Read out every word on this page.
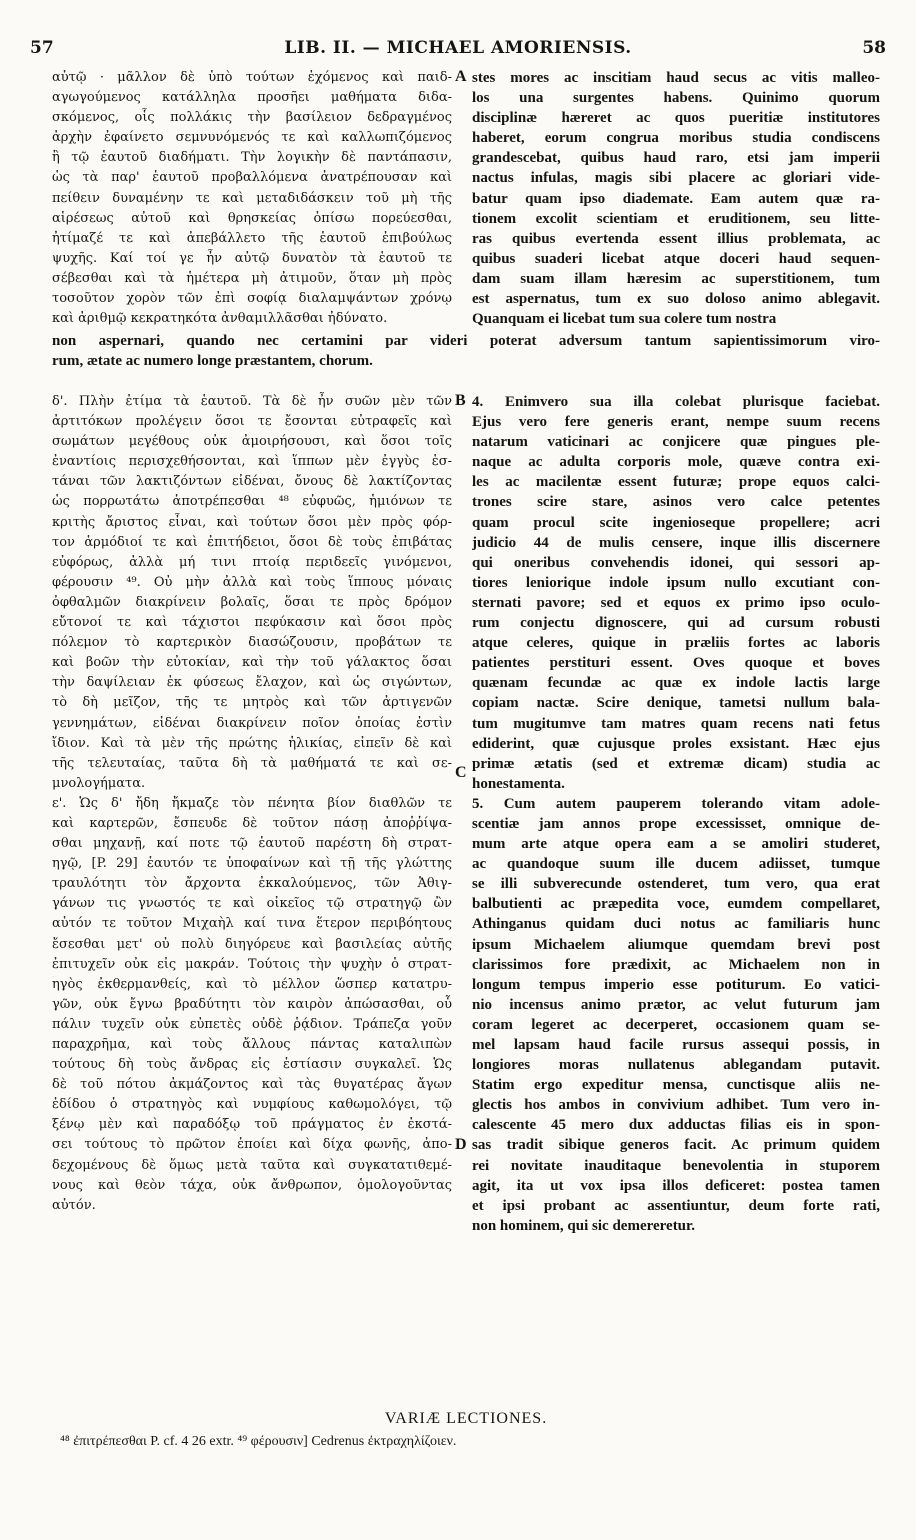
57	LIB. II. — MICHAEL AMORIENSIS.	58
αὐτῷ · μᾶλλον δὲ ὑπὸ τούτων ἐχόμενος καὶ παιδ-
αγωγούμενος κατάλληλα προσῆει μαθήματα διδα-
σκόμενος, οἷς πολλάκις τὴν βασίλειον δεδραγμένος
ἀρχὴν ἐφαίνετο σεμνυνόμενός τε καὶ καλλωπιζόμενος
ἢ τῷ ἑαυτοῦ διαδήματι. Τὴν λογικὴν δὲ παντάπασιν,
ὡς τὰ παρ' ἑαυτοῦ προβαλλόμενα ἀνατρέπουσαν καὶ
πείθειν δυναμένην τε καὶ μεταδιδάσκειν τοῦ μὴ τῆς
αἱρέσεως αὐτοῦ καὶ θρησκείας ὀπίσω πορεύεσθαι,
ἠτίμαζέ τε καὶ ἀπεβάλλετο τῆς ἑαυτοῦ ἐπιβούλως
ψυχῆς. Καί τοί γε ἦν αὐτῷ δυνατὸν τὰ ἑαυτοῦ τε
σέβεσθαι καὶ τὰ ἡμέτερα μὴ ἀτιμοῦν, ὅταν μὴ πρὸς
τοσοῦτον χορὸν τῶν ἐπὶ σοφίᾳ διαλαμψάντων χρόνῳ
καὶ ἀριθμῷ κεκρατηκότα ἀνθαμιλλᾶσθαι ἠδύνατο.
stes mores ac inscitiam haud secus ac vitis malleo-
los una surgentes habens. Quinimo quorum
disciplinæ hæreret ac quos pueritiæ institutores
haberet, eorum congrua moribus studia condiscens
grandescebat, quibus haud raro, etsi jam imperii
nactus infulas, magis sibi placere ac gloriari vide-
batur quam ipso diademate. Eam autem quæ ra-
tionem excolit scientiam et eruditionem, seu litte-
ras quibus evertenda essent illius problemata, ac
quibus suaderi licebat atque doceri haud sequen-
dam suam illam hæresim ac superstitionem, tum
est aspernatus, tum ex suo doloso animo ablegavit.
Quanquam ei licebat tum sua colere tum nostra
A
non aspernari, quando nec certamini par videri poterat adversum tantum sapientissimorum viro-
rum, ætate ac numero longe præstantem, chorum.
δ'. Πλὴν ἐτίμα τὰ ἑαυτοῦ. Τὰ δὲ ἦν συῶν μὲν τῶν
ἀρτιτόκων προλέγειν ὅσοι τε ἔσονται εὐτραφεῖς καὶ
σωμάτων μεγέθους οὐκ ἀμοιρήσουσι, καὶ ὅσοι τοῖς
ἐναντίοις περισχεθήσονται, καὶ ἵππων μὲν ἐγγὺς ἑσ-
τάναι τῶν λακτιζόντων εἰδέναι, ὄνους δὲ λακτίζοντας
ὡς πορρωτάτω ἀποτρέπεσθαι ⁴⁸ εὐφυῶς, ἡμιόνων τε
κριτὴς ἄριστος εἶναι, καὶ τούτων ὅσοι μὲν πρὸς φόρ-
τον ἁρμόδιοί τε καὶ ἐπιτήδειοι, ὅσοι δὲ τοὺς ἐπιβάτας
εὐφόρως, ἀλλὰ μή τινι πτοίᾳ περιδεεῖς γινόμενοι,
φέρουσιν ⁴⁹. Οὐ μὴν ἀλλὰ καὶ τοὺς ἵππους μόναις
ὀφθαλμῶν διακρίνειν βολαῖς, ὅσαι τε πρὸς δρόμον
εὔτονοί τε καὶ τάχιστοι πεφύκασιν καὶ ὅσοι πρὸς
πόλεμον τὸ καρτερικὸν διασώζουσιν, προβάτων τε
καὶ βοῶν τὴν εὐτοκίαν, καὶ τὴν τοῦ γάλακτος ὅσαι
τὴν δαψίλειαν ἐκ φύσεως ἔλαχον, καὶ ὡς σιγώντων,
τὸ δὴ μεῖζον, τῆς τε μητρὸς καὶ τῶν ἀρτιγενῶν
γεννημάτων, εἰδέναι διακρίνειν ποῖον ὁποίας ἐστὶν
ἴδιον. Καὶ τὰ μὲν τῆς πρώτης ἡλικίας, εἰπεῖν δὲ καὶ
τῆς τελευταίας, ταῦτα δὴ τὰ μαθήματά τε καὶ σε-
μνολογήματα.
ε'. Ὡς δ' ἤδη ἤκμαζε τὸν πένητα βίον διαθλῶν τε
καὶ καρτερῶν, ἔσπευδε δὲ τοῦτον πάσῃ ἀποῤῥίψα-
σθαι μηχανῇ, καί ποτε τῷ ἑαυτοῦ παρέστη δὴ στρατ-
ηγῷ, [P. 29] ἑαυτόν τε ὑποφαίνων καὶ τῇ τῆς γλώττης
τραυλότητι τὸν ἄρχοντα ἐκκαλούμενος, τῶν Ἀθιγ-
γάνων τις γνωστός τε καὶ οἰκεῖος τῷ στρατηγῷ ὢν
αὐτόν τε τοῦτον Μιχαὴλ καί τινα ἕτερον περιβόητους
ἔσεσθαι μετ' οὐ πολὺ διηγόρευε καὶ βασιλείας αὐτῆς
ἐπιτυχεῖν οὐκ εἰς μακράν. Τούτοις τὴν ψυχὴν ὁ στρατ-
ηγὸς ἐκθερμανθείς, καὶ τὸ μέλλον ὥσπερ κατατρυ-
γῶν, οὐκ ἔγνω βραδύτητι τὸν καιρὸν ἀπώσασθαι, οὗ
πάλιν τυχεῖν οὐκ εὐπετὲς οὐδὲ ῥᾴδιον. Τράπεζα γοῦν
παραχρῆμα, καὶ τοὺς ἄλλους πάντας καταλιπὼν
τούτους δὴ τοὺς ἄνδρας εἰς ἑστίασιν συγκαλεῖ. Ὡς
δὲ τοῦ πότου ἀκμάζοντος καὶ τὰς θυγατέρας ἄγων
ἐδίδου ὁ στρατηγὸς καὶ νυμφίους καθωμολόγει, τῷ
ξένῳ μὲν καὶ παραδόξῳ τοῦ πράγματος ἐν ἐκστά-
σει τούτους τὸ πρῶτον ἐποίει καὶ δίχα φωνῆς, ἀπο-
δεχομένους δὲ ὅμως μετὰ ταῦτα καὶ συγκατατιθεμέ-
νους καὶ θεὸν τάχα, οὐκ ἄνθρωπον, ὁμολογοῦντας
αὐτόν.
4. Enimvero sua illa colebat plurisque faciebat.
Ejus vero fere generis erant, nempe suum recens
natarum vaticinari ac conjicere quæ pingues ple-
naque ac adulta corporis mole, quæve contra exi-
les ac macilentæ essent futuræ; prope equos calci-
trones scire stare, asinos vero calce petentes
quam procul scite ingenioseque propellere; acri
judicio 44 de mulis censere, inque illis discernere
qui oneribus convehendis idonei, qui sessori ap-
tiores leniorique indole ipsum nullo excutiant con-
sternati pavore; sed et equos ex primo ipso oculo-
rum conjectu dignoscere, qui ad cursum robusti
atque celeres, quique in præliis fortes ac laboris
patientes perstituri essent. Oves quoque et boves
quænam fecundæ ac quæ ex indole lactis large
copiam nactæ. Scire denique, tametsi nullum bala-
tum mugitumve tam matres quam recens nati fetus
ediderint, quæ cujusque proles exsistant. Hæc ejus
primæ ætatis (sed et extremæ dicam) studia ac
honestamenta.
5. Cum autem pauperem tolerando vitam adole-
scentiæ jam annos prope excessisset, omnique de-
mum arte atque opera eam a se amoliri studeret,
ac quandoque suum ille ducem adiisset, tumque
se illi subverecunde ostenderet, tum vero, qua erat
balbutienti ac præpedita voce, eumdem compellaret,
Athinganus quidam duci notus ac familiaris hunc
ipsum Michaelem aliumque quemdam brevi post
clarissimos fore prædixit, ac Michaelem non in
longum tempus imperio esse potiturum. Eo vatici-
nio incensus animo prætor, ac velut futurum jam
coram legeret ac decerperet, occasionem quam se-
mel lapsam haud facile rursus assequi possis, in
longiores moras nullatenus ablegandam putavit.
Statim ergo expeditur mensa, cunctisque aliis ne-
glectis hos ambos in convivium adhibet. Tum vero in-
calescente 45 mero dux adductas filias eis in spon-
sas tradit sibique generos facit. Ac primum quidem
rei novitate inauditaque benevolentia in stuporem
agit, ita ut vox ipsa illos deficeret: postea tamen
et ipsi probant ac assentiuntur, deum forte rati,
non hominem, qui sic demereretur.
B
C
D
VARIÆ LECTIONES.
⁴⁸ ἐπιτρέπεσθαι P. cf. 4 26 extr. ⁴⁹ φέρουσιν] Cedrenus ἐκτραχηλίζοιεν.
